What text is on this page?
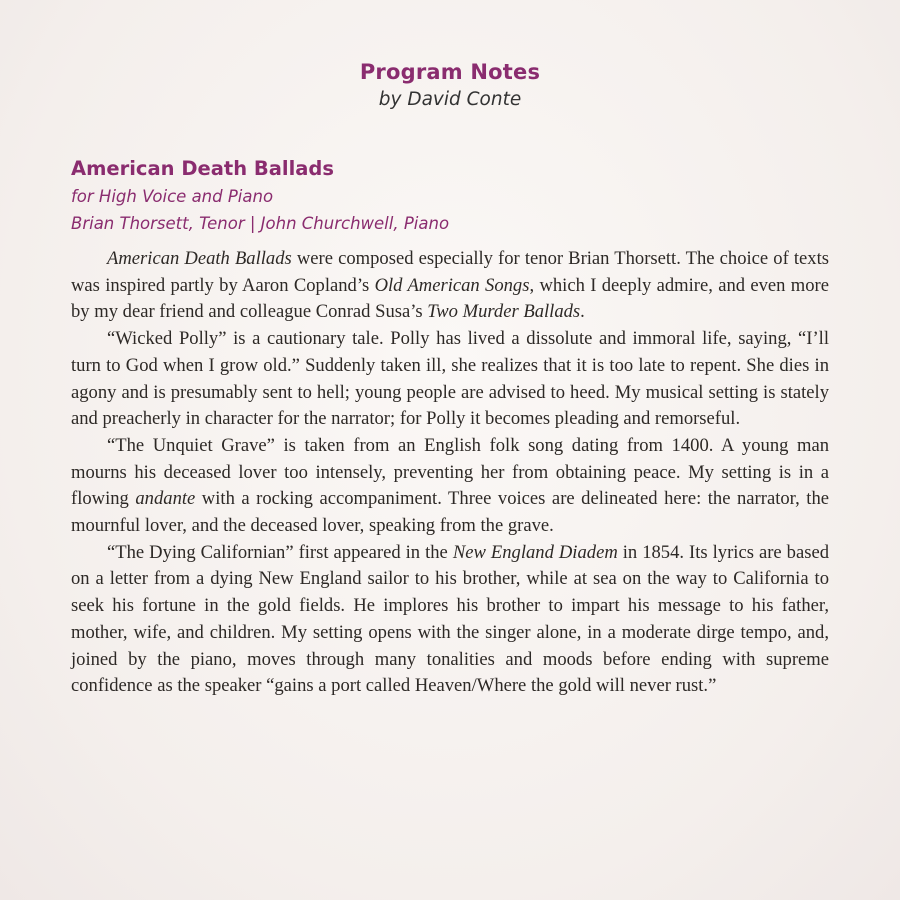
Program Notes
by David Conte
American Death Ballads
for High Voice and Piano
Brian Thorsett, Tenor | John Churchwell, Piano

American Death Ballads were composed especially for tenor Brian Thorsett. The choice of texts was inspired partly by Aaron Copland’s Old American Songs, which I deeply admire, and even more by my dear friend and colleague Conrad Susa’s Two Murder Ballads.

“Wicked Polly” is a cautionary tale. Polly has lived a dissolute and immoral life, saying, “I’ll turn to God when I grow old.” Suddenly taken ill, she realizes that it is too late to repent. She dies in agony and is presumably sent to hell; young people are advised to heed. My musical setting is stately and preacherly in character for the narrator; for Polly it becomes pleading and remorseful.

“The Unquiet Grave” is taken from an English folk song dating from 1400. A young man mourns his deceased lover too intensely, preventing her from obtaining peace. My setting is in a flowing andante with a rocking accompaniment. Three voices are delineated here: the narrator, the mournful lover, and the deceased lover, speaking from the grave.

“The Dying Californian” first appeared in the New England Diadem in 1854. Its lyrics are based on a letter from a dying New England sailor to his brother, while at sea on the way to California to seek his fortune in the gold fields. He implores his brother to impart his message to his father, mother, wife, and children. My setting opens with the singer alone, in a moderate dirge tempo, and, joined by the piano, moves through many tonalities and moods before ending with supreme confidence as the speaker “gains a port called Heaven/Where the gold will never rust.”
